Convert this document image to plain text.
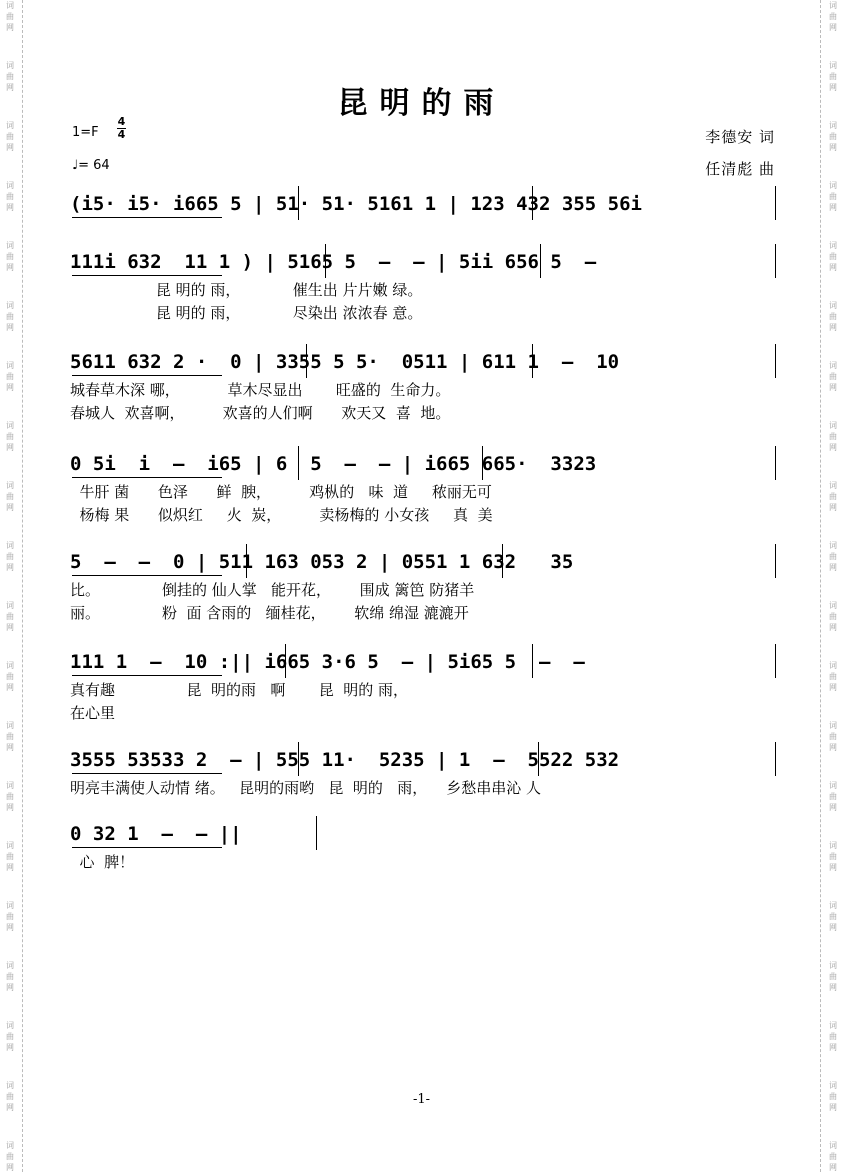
词
曲
网
词
曲
网
词
曲
网
词
曲
网
词
曲
网
词
曲
网
词
曲
网
词
曲
网
词
曲
网
词
曲
网
词
曲
网
词
曲
网
词
曲
网
词
曲
网
词
曲
网
词
曲
网
词
曲
网
词
曲
网
词
曲
网
词
曲
网
词
曲
网
词
曲
网
词
曲
网
词
曲
网
词
曲
网
词
曲
网
词
曲
网
词
曲
网
词
曲
网
词
曲
网
词
曲
网
词
曲
网
词
曲
网
词
曲
网
词
曲
网
词
曲
网
词
曲
网
词
曲
网
词
曲
网
词
曲
网
昆明的雨
1=F
4
4
♩= 64
李德安 词
任清彪 曲
(i5· i5· i665 5 | 51· 51· 5161 1 | 123 432 355 56i
111i 632  11 1 ) | 5165 5  –  – | 5ii 656 5  –
昆 明的 雨，           催生出 片片嫩 绿。
昆 明的 雨，           尽染出 浓浓春 意。
5611 632 2 ·  0 | 3355 5 5·  0511 | 611 1  –  10
城春草木深 哪，          草木尽显出       旺盛的  生命力。
春城人  欢喜啊，        欢喜的人们啊      欢天又  喜  地。
0 5i  i  –  i65 | 6  5  –  – | i665 665·  3323
牛肝 菌      色泽      鲜  腴，        鸡枞的   味  道     秾丽无可
杨梅 果      似炽红     火  炭，        卖杨梅的 小女孩     真  美
5  –  –  0 | 511 163 053 2 | 0551 1 632   35
比。             倒挂的 仙人掌   能开花，      围成 篱笆 防猪羊
丽。             粉  面 含雨的   缅桂花，      软绵 绵湿 漉漉开
111 1  –  10 :|| i665 3·6 5  – | 5i65 5  –  –
真有趣               昆  明的雨   啊       昆  明的 雨，
在心里
3555 53533 2  – | 555 11·  5235 | 1  –  5522 532
明亮丰满使人动情 绪。   昆明的雨哟   昆  明的   雨，    乡愁串串沁 人
0 32 1  –  – ||
心  脾！
-1-
